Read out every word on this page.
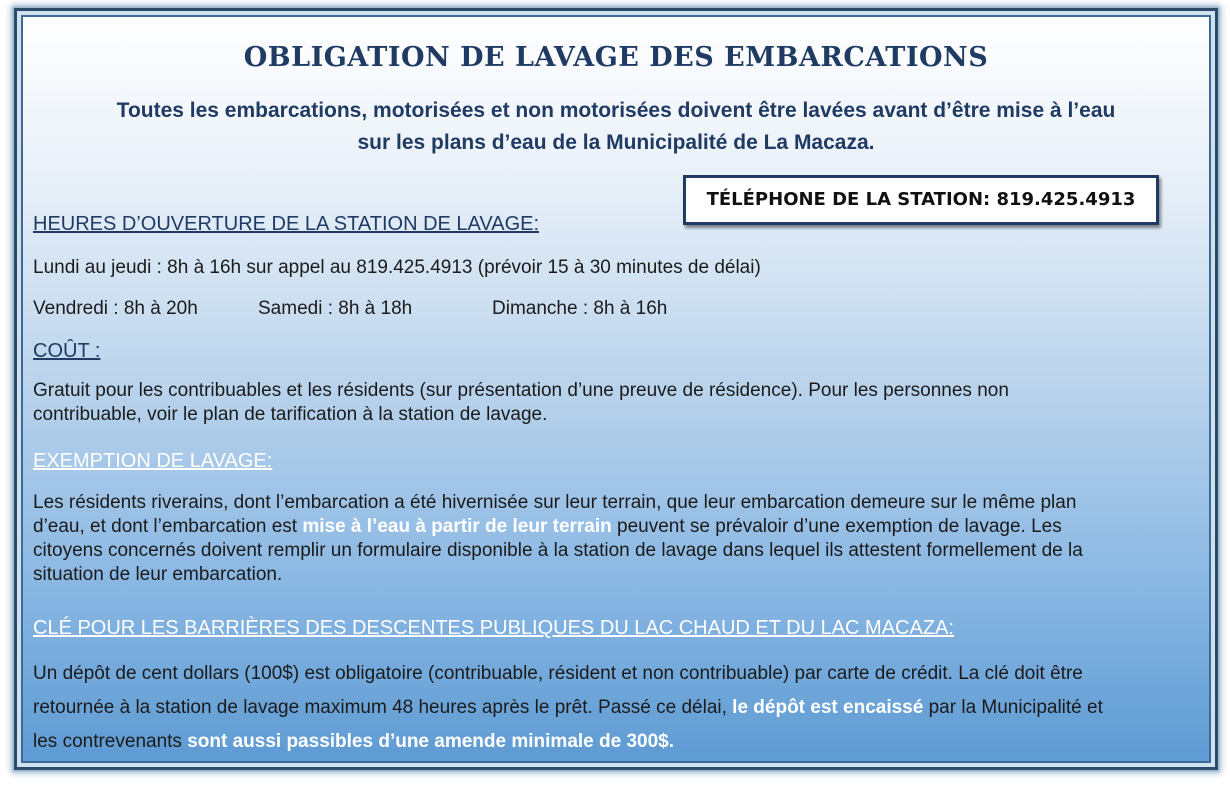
OBLIGATION DE LAVAGE DES EMBARCATIONS
Toutes les embarcations, motorisées et non motorisées doivent être lavées avant d’être mise à l’eau
sur les plans d’eau de la Municipalité de La Macaza.
TÉLÉPHONE DE LA STATION: 819.425.4913
HEURES D’OUVERTURE DE LA STATION DE LAVAGE:
Lundi au jeudi : 8h à 16h sur appel au 819.425.4913 (prévoir 15 à 30 minutes de délai)
Vendredi : 8h à 20h	Samedi : 8h à 18h	Dimanche : 8h à 16h
COÛT :
Gratuit pour les contribuables et les résidents (sur présentation d’une preuve de résidence). Pour les personnes non
contribuable, voir le plan de tarification à la station de lavage.
EXEMPTION DE LAVAGE:
Les résidents riverains, dont l’embarcation a été hivernisée sur leur terrain, que leur embarcation demeure sur le même plan
d’eau, et dont l’embarcation est mise à l’eau à partir de leur terrain peuvent se prévaloir d’une exemption de lavage. Les
citoyens concernés doivent remplir un formulaire disponible à la station de lavage dans lequel ils attestent formellement de la
situation de leur embarcation.
CLÉ POUR LES BARRIÈRES DES DESCENTES PUBLIQUES DU LAC CHAUD ET DU LAC MACAZA:
Un dépôt de cent dollars (100$) est obligatoire (contribuable, résident et non contribuable) par carte de crédit. La clé doit être
retournée à la station de lavage maximum 48 heures après le prêt. Passé ce délai, le dépôt est encaissé par la Municipalité et
les contrevenants sont aussi passibles d’une amende minimale de 300$.
